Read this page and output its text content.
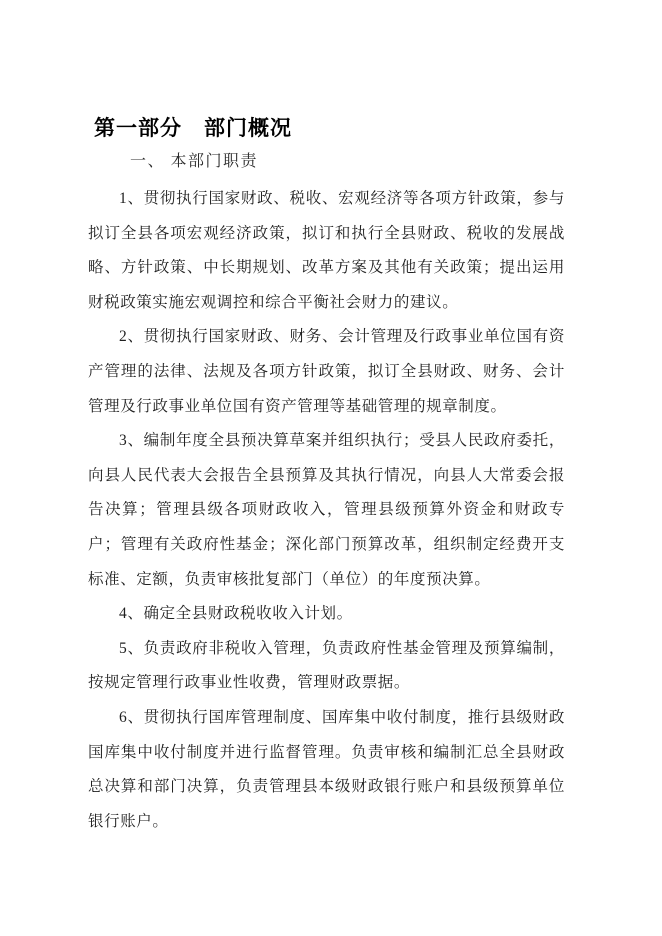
第一部分　部门概况
一、 本部门职责

1、贯彻执行国家财政、税收、宏观经济等各项方针政策，参与拟订全县各项宏观经济政策，拟订和执行全县财政、税收的发展战略、方针政策、中长期规划、改革方案及其他有关政策；提出运用财税政策实施宏观调控和综合平衡社会财力的建议。

2、贯彻执行国家财政、财务、会计管理及行政事业单位国有资产管理的法律、法规及各项方针政策，拟订全县财政、财务、会计管理及行政事业单位国有资产管理等基础管理的规章制度。

3、编制年度全县预决算草案并组织执行；受县人民政府委托，向县人民代表大会报告全县预算及其执行情况，向县人大常委会报告决算；管理县级各项财政收入，管理县级预算外资金和财政专户；管理有关政府性基金；深化部门预算改革，组织制定经费开支标准、定额，负责审核批复部门（单位）的年度预决算。

4、确定全县财政税收收入计划。

5、负责政府非税收入管理，负责政府性基金管理及预算编制，按规定管理行政事业性收费，管理财政票据。

6、贯彻执行国库管理制度、国库集中收付制度，推行县级财政国库集中收付制度并进行监督管理。负责审核和编制汇总全县财政总决算和部门决算，负责管理县本级财政银行账户和县级预算单位银行账户。
